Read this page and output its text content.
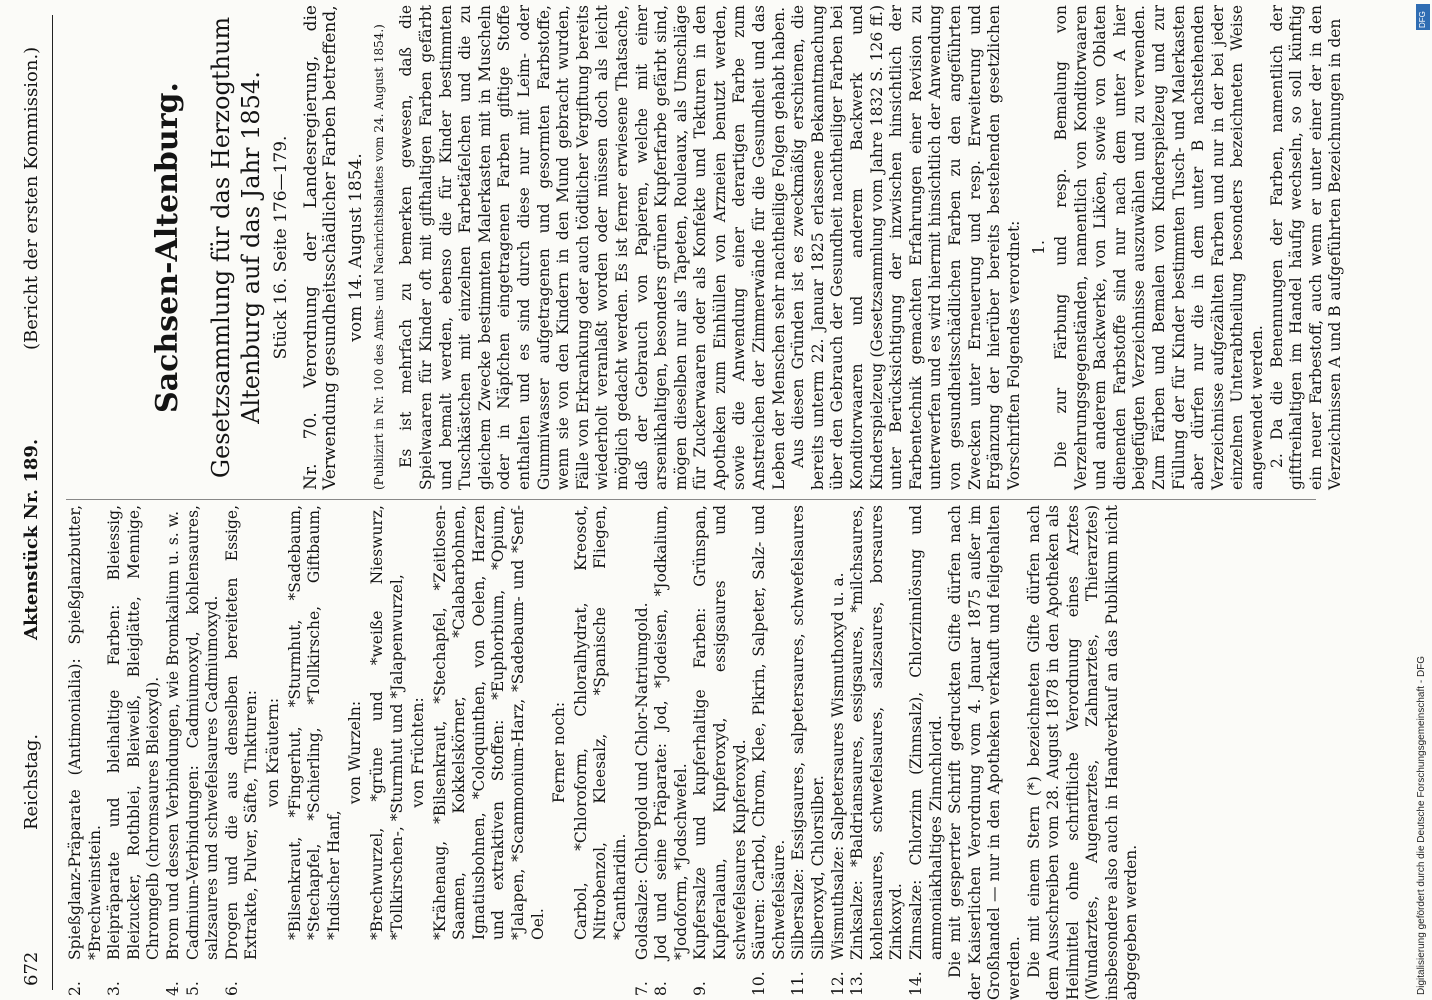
672
Reichstag.
Aktenstück Nr. 189.
(Bericht der ersten Kommission.)

2.
Spießglanz-Präparate (Antimonialia): Spießglanzbutter, *Brechweinstein.

3.
Bleipräparate und bleihaltige Farben: Bleiessig, Bleizucker, Rothblei, Bleiweiß, Bleiglätte, Mennige, Chromgelb (chromsaures Bleioxyd).

4.
Brom und dessen Verbindungen, wie Bromkalium u. s. w.

5.
Cadmium-Verbindungen: Cadmiumoxyd, kohlensaures, salzsaures und schwefelsaures Cadmiumoxyd.

6.
Drogen und die aus denselben bereiteten Essige, Extrakte, Pulver, Säfte, Tinkturen: von Kräutern: *Bilsenkraut, *Fingerhut, *Sturmhut, *Sadebaum, *Stechapfel, *Schierling, *Tollkirsche, Giftbaum, *Indischer Hanf,

von Wurzeln: *Brechwurzel, *grüne und *weiße Nieswurz, *Tollkirschen-, *Sturmhut und *Jalapenwurzel, von Früchten: *Krähenaug, *Bilsenkraut, *Stechapfel, *Zeitlosen-Saamen, Kokkelskörner, *Calabarbohnen, Ignatiusbohnen, *Coloquinthen, von Oelen, Harzen und extraktiven Stoffen: *Euphorbium, *Opium, *Jalapen, *Scammonium-Harz, *Sadebaum- und *Senf-Oel.

Ferner noch: Carbol, *Chloroform, Chloralhydrat, Kreosot, Nitrobenzol, Kleesalz, *Spanische Fliegen, *Cantharidin.

7.
Goldsalze: Chlorgold und Chlor-Natriumgold.

8.
Jod und seine Präparate: Jod, *Jodeisen, *Jodkalium, *Jodoform, *Jodschwefel.

9.
Kupfersalze und kupferhaltige Farben: Grünspan, Kupferalaun, Kupferoxyd, essigsaures und schwefelsaures Kupferoxyd.

10.
Säuren: Carbol, Chrom, Klee, Pikrin, Salpeter, Salz- und Schwefelsäure.

11.
Silbersalze: Essigsaures, salpetersaures, schwefelsaures Silberoxyd, Chlorsilber.

12.
Wismuthsalze: Salpetersaures Wismuthoxyd u. a.

13.
Zinksalze: *Baldriansaures, essigsaures, *milchsaures, kohlensaures, schwefelsaures, salzsaures, borsaures Zinkoxyd.

14.
Zinnsalze: Chlorzinn (Zinnsalz), Chlorzinnlösung und ammoniakhaltiges Zinnchlorid. Die mit gesperrter Schrift gedruckten Gifte dürfen nach der Kaiserlichen Verordnung vom 4. Januar 1875 außer im Großhandel — nur in den Apotheken verkauft und feilgehalten werden. Die mit einem Stern (*) bezeichneten Gifte dürfen nach dem Ausschreiben vom 28. August 1878 in den Apotheken als Heilmittel ohne schriftliche Verordnung eines Arztes (Wundarztes, Augenarztes, Zahnarztes, Thierarztes) insbesondere also auch in Handverkauf an das Publikum nicht abgegeben werden.

Sachsen-Altenburg. Gesetzsammlung für das Herzogthum Altenburg auf das Jahr 1854. Stück 16. Seite 176—179. Nr. 70. Verordnung der Landesregierung, die Verwendung gesundheitsschädlicher Farben betreffend, vom 14. August 1854. (Publizirt in Nr. 100 des Amts- und Nachrichtsblattes vom 24. August 1854.) Es ist mehrfach zu bemerken gewesen, daß die Spielwaaren für Kinder oft mit gifthaltigen Farben gefärbt und bemalt werden, ebenso die für Kinder bestimmten Tuschkästchen mit einzelnen Farbetäfelchen und die zu gleichem Zwecke bestimmten Malerkasten mit in Muscheln oder in Näpfchen eingetragenen Farben giftige Stoffe enthalten und es sind durch diese nur mit Leim- oder Gummiwasser aufgetragenen und gesormten Farbstoffe, wenn sie von den Kindern in den Mund gebracht wurden, Fälle von Erkrankung oder auch tödtlicher Vergiftung bereits wiederholt veranlaßt worden oder müssen doch als leicht möglich gedacht werden. Es ist ferner erwiesene Thatsache, daß der Gebrauch von Papieren, welche mit einer arsenikhaltigen, besonders grünen Kupferfarbe gefärbt sind, mögen dieselben nur als Tapeten, Rouleaux, als Umschläge für Zuckerwaaren oder als Konfekte und Tekturen in den Apotheken zum Einhüllen von Arzneien benutzt werden, sowie die Anwendung einer derartigen Farbe zum Anstreichen der Zimmerwände für die Gesundheit und das Leben der Menschen sehr nachtheilige Folgen gehabt haben. Aus diesen Gründen ist es zweckmäßig erschienen, die bereits unterm 22. Januar 1825 erlassene Bekanntmachung über den Gebrauch der Gesundheit nachtheiliger Farben bei Konditorwaaren und anderem Backwerk und Kinderspielzeug (Gesetzsammlung vom Jahre 1832 S. 126 ff.) unter Berücksichtigung der inzwischen hinsichtlich der Farbentechnik gemachten Erfahrungen einer Revision zu unterwerfen und es wird hiermit hinsichtlich der Anwendung von gesundheitsschädlichen Farben zu den angeführten Zwecken unter Erneuerung und resp. Erweiterung und Ergänzung der hierüber bereits bestehenden gesetzlichen Vorschriften Folgendes verordnet: 1. Die zur Färbung und resp. Bemalung von Verzehrungsgegenständen, namentlich von Konditorwaaren und anderem Backwerke, von Liköen, sowie von Oblaten dienenden Farbstoffe sind nur nach dem unter A hier beigefügten Verzeichnisse auszuwählen und zu verwenden. Zum Färben und Bemalen von Kinderspielzeug und zur Füllung der für Kinder bestimmten Tusch- und Malerkasten aber dürfen nur die in dem unter B nachstehenden Verzeichnisse aufgezählten Farben und nur in der bei jeder einzelnen Unterabtheilung besonders bezeichneten Weise angewendet werden. 2. Da die Benennungen der Farben, namentlich der giftfreihaltigen im Handel häufig wechseln, so soll künftig ein neuer Farbestoff, auch wenn er unter einer der in den Verzeichnissen A und B aufgeführten Bezeichnungen in den

Digitalisierung gefördert durch die Deutsche Forschungsgemeinschaft - DFG
DFG
